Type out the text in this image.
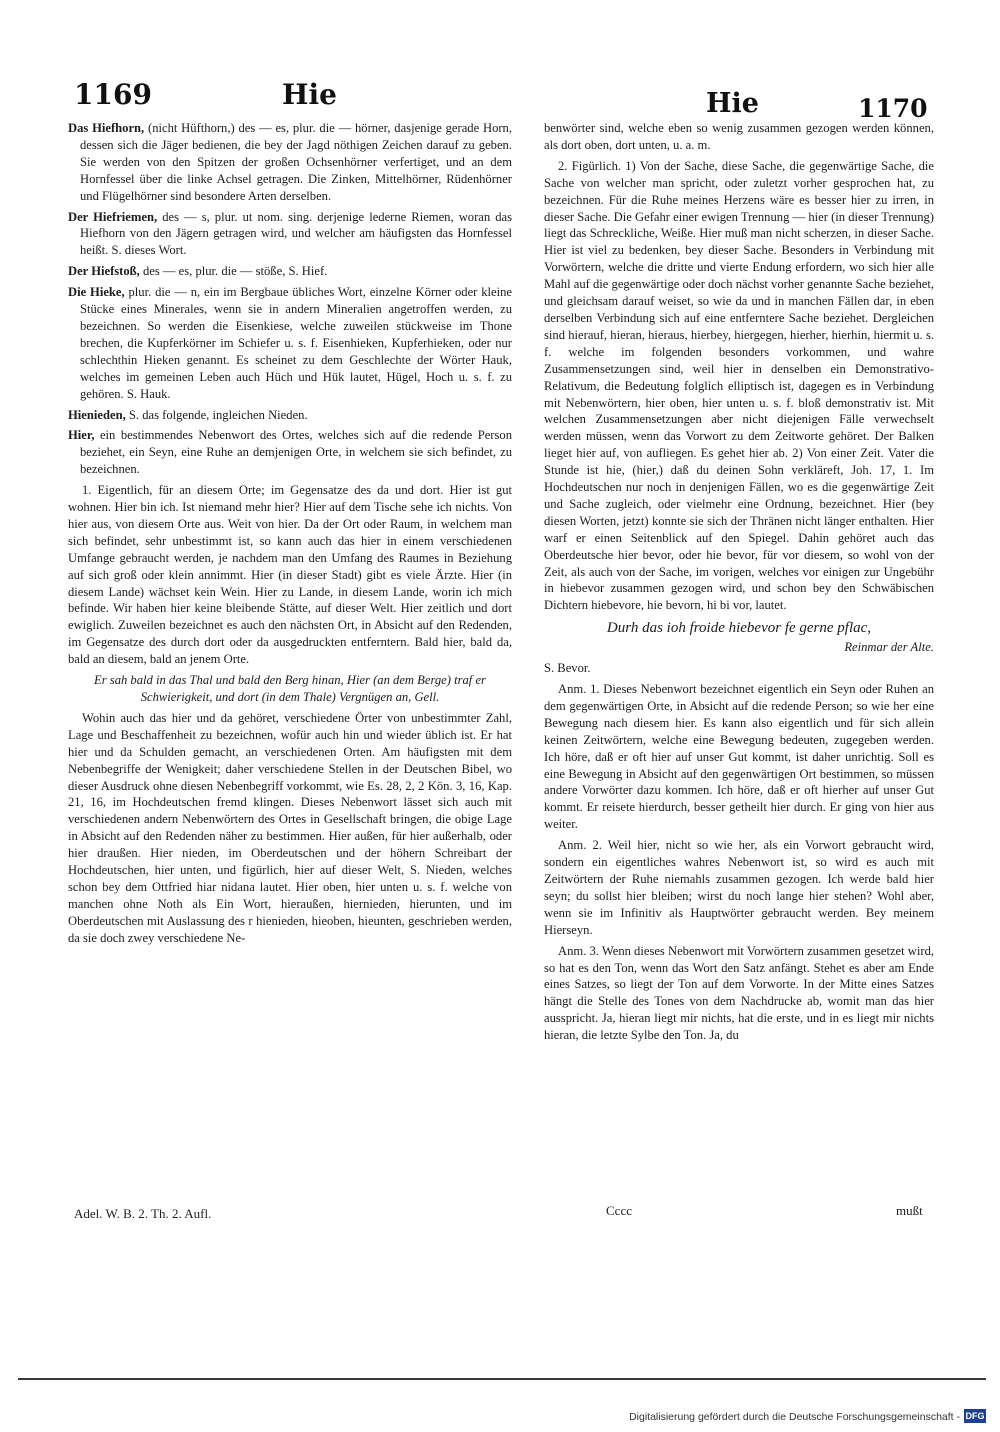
1169	Hie	Hie	1170

Das Hiefhorn, (nicht Hüfthorn,) des — es, plur. die — hörner, dasjenige gerade Horn, dessen sich die Jäger bedienen, die bey der Jagd nöthigen Zeichen darauf zu geben. Sie werden von den Spitzen der großen Ochsenhörner verfertiget, und an dem Hornfessel über die linke Achsel getragen. Die Zinken, Mittelhörner, Rüdenhörner und Flügelhörner sind besondere Arten derselben.

Der Hiefriemen, des — s, plur. ut nom. sing. derjenige lederne Riemen, woran das Hiefhorn von den Jägern getragen wird, und welcher am häufigsten das Hornfessel heißt. S. dieses Wort.

Der Hiefstoß, des — es, plur. die — stöße, S. Hief.

Die Hieke, plur. die — n, ein im Bergbaue übliches Wort, einzelne Körner oder kleine Stücke eines Minerales, wenn sie in andern Mineralien angetroffen werden, zu bezeichnen. So werden die Eisenkiese, welche zuweilen stückweise im Thone brechen, die Kupferkörner im Schiefer u. s. f. Eisenhieken, Kupferhieken, oder nur schlechthin Hieken genannt. Es scheinet zu dem Geschlechte der Wörter Hauk, welches im gemeinen Leben auch Hüch und Hük lautet, Hügel, Hoch u. s. f. zu gehören. S. Hauk.

Hienieden, S. das folgende, ingleichen Nieden.

Hier, ein bestimmendes Nebenwort des Ortes, welches sich auf die redende Person beziehet, ein Seyn, eine Ruhe an demjenigen Orte, in welchem sie sich befindet, zu bezeichnen.

1. Eigentlich, für an diesem Orte; im Gegensatze des da und dort. Hier ist gut wohnen. Hier bin ich. Ist niemand mehr hier? Hier auf dem Tische sehe ich nichts. Von hier aus, von diesem Orte aus. Weit von hier. Da der Ort oder Raum, in welchem man sich befindet, sehr unbestimmt ist, so kann auch das hier in einem verschiedenen Umfange gebraucht werden, je nachdem man den Umfang des Raumes in Beziehung auf sich groß oder klein annimmt. Hier (in dieser Stadt) gibt es viele Ärzte. Hier (in diesem Lande) wächset kein Wein. Hier zu Lande, in diesem Lande, worin ich mich befinde. Wir haben hier keine bleibende Stätte, auf dieser Welt. Hier zeitlich und dort ewiglich. Zuweilen bezeichnet es auch den nächsten Ort, in Absicht auf den Redenden, im Gegensatze des durch dort oder da ausgedruckten entferntern. Bald hier, bald da, bald an diesem, bald an jenem Orte.

Er sah bald in das Thal und bald den Berg hinan, Hier (an dem Berge) traf er Schwierigkeit, und dort (in dem Thale) Vergnügen an, Gell.

Wohin auch das hier und da gehöret, verschiedene Örter von unbestimmter Zahl, Lage und Beschaffenheit zu bezeichnen, wofür auch hin und wieder üblich ist. Er hat hier und da Schulden gemacht, an verschiedenen Orten. Am häufigsten mit dem Nebenbegriffe der Wenigkeit; daher verschiedene Stellen in der Deutschen Bibel, wo dieser Ausdruck ohne diesen Nebenbegriff vorkommt, wie Es. 28, 2, 2 Kön. 3, 16, Kap. 21, 16, im Hochdeutschen fremd klingen. Dieses Nebenwort lässet sich auch mit verschiedenen andern Nebenwörtern des Ortes in Gesellschaft bringen, die obige Lage in Absicht auf den Redenden näher zu bestimmen. Hier außen, für hier außerhalb, oder hier draußen. Hier nieden, im Oberdeutschen und der höhern Schreibart der Hochdeutschen, hier unten, und figürlich, hier auf dieser Welt, S. Nieden, welches schon bey dem Ottfried hiar nidana lautet. Hier oben, hier unten u. s. f. welche von manchen ohne Noth als Ein Wort, hieraußen, hiernieden, hierunten, und im Oberdeutschen mit Auslassung des r hienieden, hieoben, hieunten, geschrieben werden, da sie doch zwey verschiedene Ne-

Adel. W. B. 2. Th. 2. Aufl.

benwörter sind, welche eben so wenig zusammen gezogen werden können, als dort oben, dort unten, u. a. m.

2. Figürlich. 1) Von der Sache, diese Sache, die gegenwärtige Sache, die Sache von welcher man spricht, oder zuletzt vorher gesprochen hat, zu bezeichnen. Für die Ruhe meines Herzens wäre es besser hier zu irren, in dieser Sache. Die Gefahr einer ewigen Trennung — hier (in dieser Trennung) liegt das Schreckliche, Weiße. Hier muß man nicht scherzen, in dieser Sache. Hier ist viel zu bedenken, bey dieser Sache. Besonders in Verbindung mit Vorwörtern, welche die dritte und vierte Endung erfordern, wo sich hier alle Mahl auf die gegenwärtige oder doch nächst vorher genannte Sache beziehet, und gleichsam darauf weiset, so wie da und in manchen Fällen dar, in eben derselben Verbindung sich auf eine entferntere Sache beziehet. Dergleichen sind hierauf, hieran, hieraus, hierbey, hiergegen, hierher, hierhin, hiermit u. s. f. welche im folgenden besonders vorkommen, und wahre Zusammensetzungen sind, weil hier in denselben ein Demonstrativo-Relativum, die Bedeutung folglich elliptisch ist, dagegen es in Verbindung mit Nebenwörtern, hier oben, hier unten u. s. f. bloß demonstrativ ist. Mit welchen Zusammensetzungen aber nicht diejenigen Fälle verwechselt werden müssen, wenn das Vorwort zu dem Zeitworte gehöret. Der Balken lieget hier auf, von aufliegen. Es gehet hier ab. 2) Von einer Zeit. Vater die Stunde ist hie, (hier,) daß du deinen Sohn verkläreft, Joh. 17, 1. Im Hochdeutschen nur noch in denjenigen Fällen, wo es die gegenwärtige Zeit und Sache zugleich, oder vielmehr eine Ordnung, bezeichnet. Hier (bey diesen Worten, jetzt) konnte sie sich der Thränen nicht länger enthalten. Hier warf er einen Seitenblick auf den Spiegel. Dahin gehöret auch das Oberdeutsche hier bevor, oder hie bevor, für vor diesem, so wohl von der Zeit, als auch von der Sache, im vorigen, welches vor einigen zur Ungebühr in hiebevor zusammen gezogen wird, und schon bey den Schwäbischen Dichtern hiebevore, hie bevorn, hi bi vor, lautet.

Durh das ioh froide hiebevor fe gerne pflac,

Reinmar der Alte.

S. Bevor.

Anm. 1. Dieses Nebenwort bezeichnet eigentlich ein Seyn oder Ruhen an dem gegenwärtigen Orte, in Absicht auf die redende Person; so wie her eine Bewegung nach diesem hier. Es kann also eigentlich und für sich allein keinen Zeitwörtern, welche eine Bewegung bedeuten, zugegeben werden. Ich höre, daß er oft hier auf unser Gut kommt, ist daher unrichtig. Soll es eine Bewegung in Absicht auf den gegenwärtigen Ort bestimmen, so müssen andere Vorwörter dazu kommen. Ich höre, daß er oft hierher auf unser Gut kommt. Er reisete hierdurch, besser getheilt hier durch. Er ging von hier aus weiter.

Anm. 2. Weil hier, nicht so wie her, als ein Vorwort gebraucht wird, sondern ein eigentliches wahres Nebenwort ist, so wird es auch mit Zeitwörtern der Ruhe niemahls zusammen gezogen. Ich werde bald hier seyn; du sollst hier bleiben; wirst du noch lange hier stehen? Wohl aber, wenn sie im Infinitiv als Hauptwörter gebraucht werden. Bey meinem Hierseyn.

Anm. 3. Wenn dieses Nebenwort mit Vorwörtern zusammen gesetzet wird, so hat es den Ton, wenn das Wort den Satz anfängt. Stehet es aber am Ende eines Satzes, so liegt der Ton auf dem Vorworte. In der Mitte eines Satzes hängt die Stelle des Tones von dem Nachdrucke ab, womit man das hier ausspricht. Ja, hieran liegt mir nichts, hat die erste, und in es liegt mir nichts hieran, die letzte Sylbe den Ton. Ja, du

Cccc	mußt
Digitalisierung gefördert durch die Deutsche Forschungsgemeinschaft - DFG
